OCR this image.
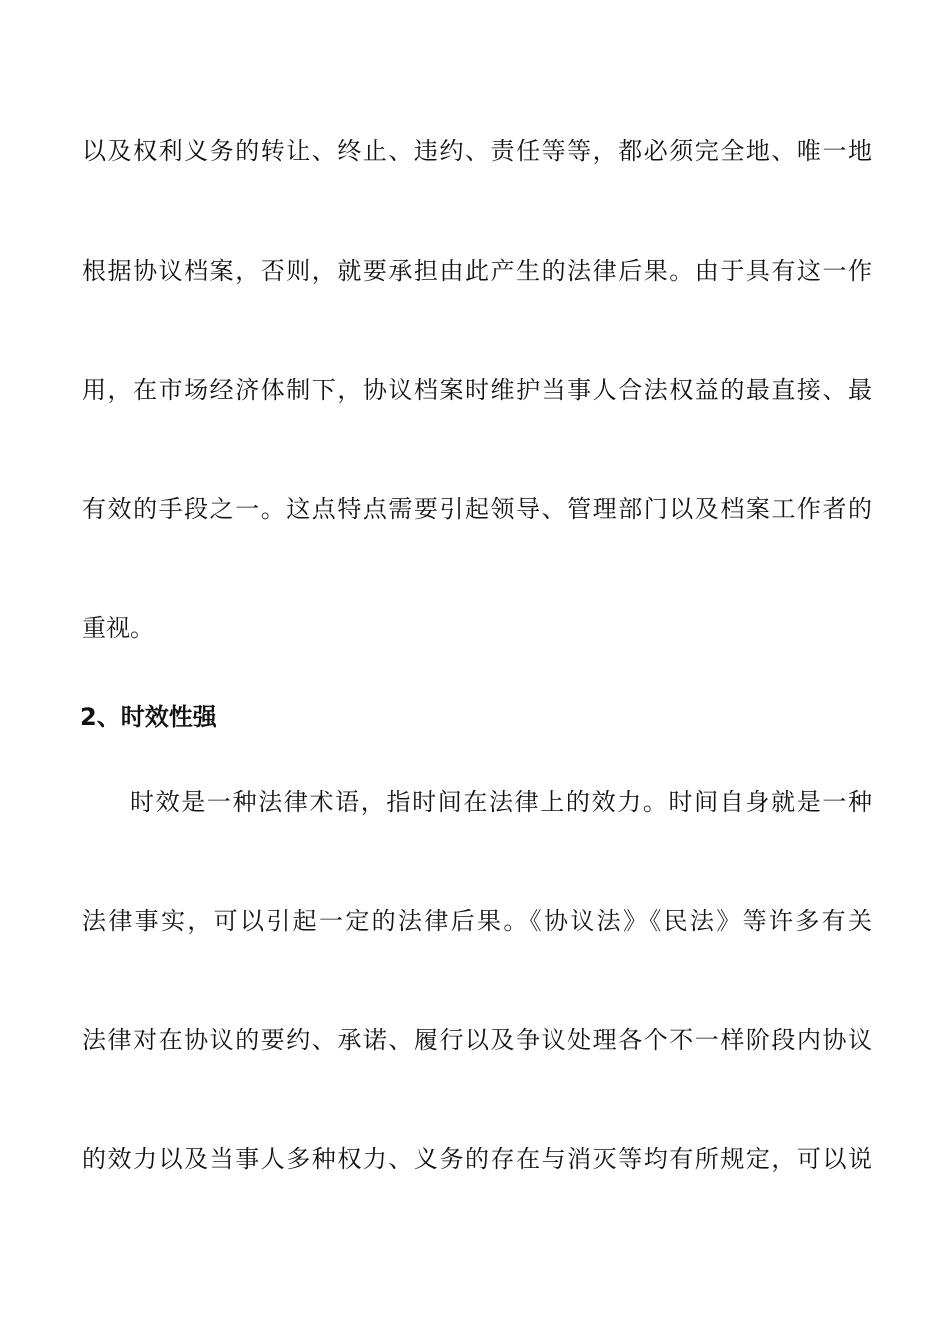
以及权利义务的转让、终止、违约、责任等等，都必须完全地、唯一地
根据协议档案，否则，就要承担由此产生的法律后果。由于具有这一作
用，在市场经济体制下，协议档案时维护当事人合法权益的最直接、最
有效的手段之一。这点特点需要引起领导、管理部门以及档案工作者的
重视。
2、时效性强
时效是一种法律术语，指时间在法律上的效力。时间自身就是一种
法律事实，可以引起一定的法律后果。《协议法》《民法》等许多有关
法律对在协议的要约、承诺、履行以及争议处理各个不一样阶段内协议
的效力以及当事人多种权力、义务的存在与消灭等均有所规定，可以说
